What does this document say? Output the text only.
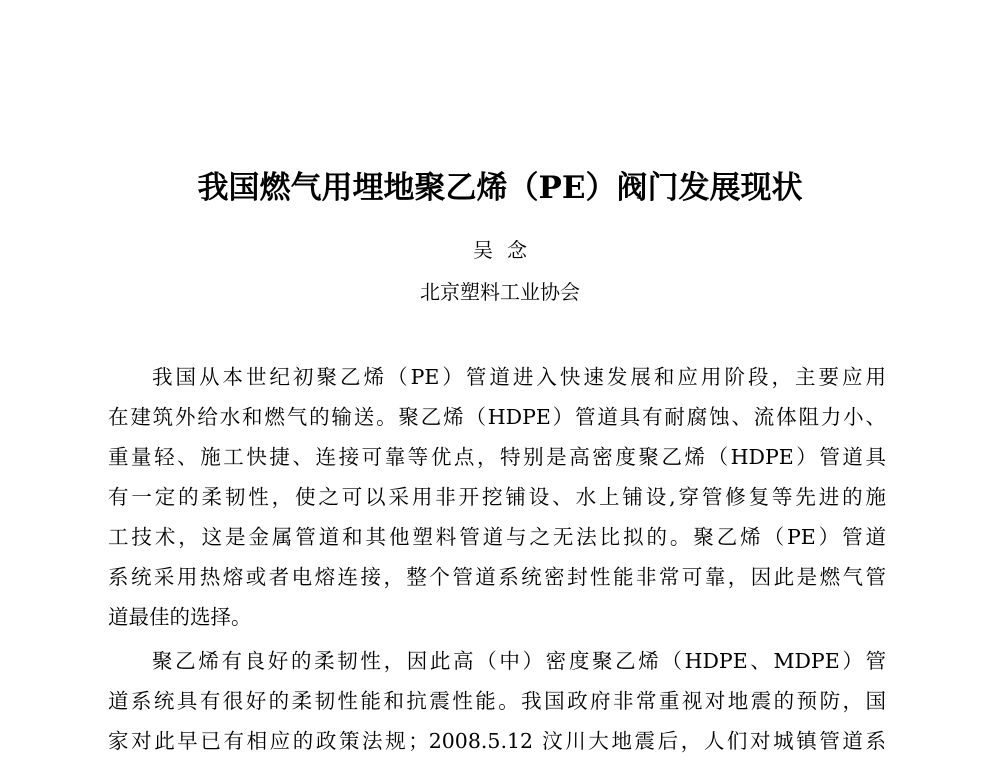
我国燃气用埋地聚乙烯（PE）阀门发展现状
吴念
北京塑料工业协会
我国从本世纪初聚乙烯（PE）管道进入快速发展和应用阶段，主要应用
在建筑外给水和燃气的输送。聚乙烯（HDPE）管道具有耐腐蚀、流体阻力小、
重量轻、施工快捷、连接可靠等优点，特别是高密度聚乙烯（HDPE）管道具
有一定的柔韧性，使之可以采用非开挖铺设、水上铺设,穿管修复等先进的施
工技术，这是金属管道和其他塑料管道与之无法比拟的。聚乙烯（PE）管道
系统采用热熔或者电熔连接，整个管道系统密封性能非常可靠，因此是燃气管
道最佳的选择。
聚乙烯有良好的柔韧性，因此高（中）密度聚乙烯（HDPE、MDPE）管
道系统具有很好的柔韧性能和抗震性能。我国政府非常重视对地震的预防，国
家对此早已有相应的政策法规；2008.5.12 汶川大地震后，人们对城镇管道系
